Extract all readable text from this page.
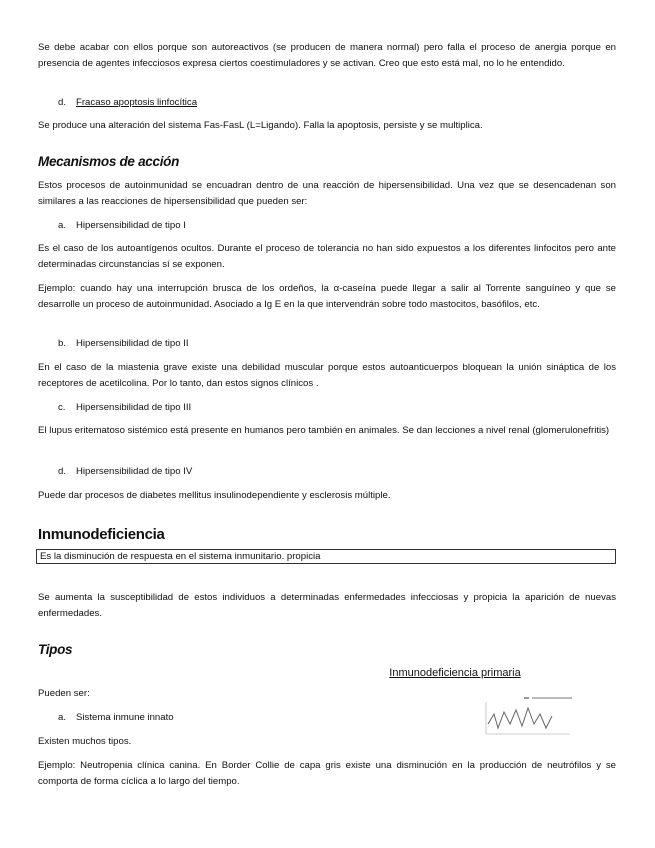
Se debe acabar con ellos porque son autoreactivos (se producen de manera normal) pero falla el proceso de anergia porque en presencia de agentes infecciosos expresa ciertos coestimuladores y se activan. Creo que esto está mal, no lo he entendido.

d. Fracaso apoptosis linfocítica

Se produce una alteración del sistema Fas-FasL (L=Ligando). Falla la apoptosis, persiste y se multiplica.

Mecanismos de acción

Estos procesos de autoinmunidad se encuadran dentro de una reacción de hipersensibilidad. Una vez que se desencadenan son similares a las reacciones de hipersensibilidad que pueden ser:

a. Hipersensibilidad de tipo I

Es el caso de los autoantígenos ocultos. Durante el proceso de tolerancia no han sido expuestos a los diferentes linfocitos pero ante determinadas circunstancias sí se exponen.

Ejemplo: cuando hay una interrupción brusca de los ordeños, la α-caseína puede llegar a salir al Torrente sanguíneo y que se desarrolle un proceso de autoinmunidad. Asociado a Ig E en la que intervendrán sobre todo mastocitos, basófilos, etc.

b. Hipersensibilidad de tipo II

En el caso de la miastenia grave existe una debilidad muscular porque estos autoanticuerpos bloquean la unión sináptica de los receptores de acetilcolina. Por lo tanto, dan estos signos clínicos .

c. Hipersensibilidad de tipo III

El lupus eritematoso sistémico está presente en humanos pero también en animales. Se dan lecciones a nivel renal (glomerulonefritis)

d. Hipersensibilidad de tipo IV

Puede dar procesos de diabetes mellitus insulinodependiente y esclerosis múltiple.

Inmunodeficiencia

Es la disminución de respuesta en el sistema inmunitario. propicia

Se aumenta la susceptibilidad de estos individuos a determinadas enfermedades infecciosas y propicia la aparición de nuevas enfermedades.

Tipos

Inmunodeficiencia primaria

Pueden ser:

a. Sistema inmune innato

Existen muchos tipos.

Ejemplo: Neutropenia clínica canina. En Border Collie de capa gris existe una disminución en la producción de neutrófilos y se comporta de forma cíclica a lo largo del tiempo.
